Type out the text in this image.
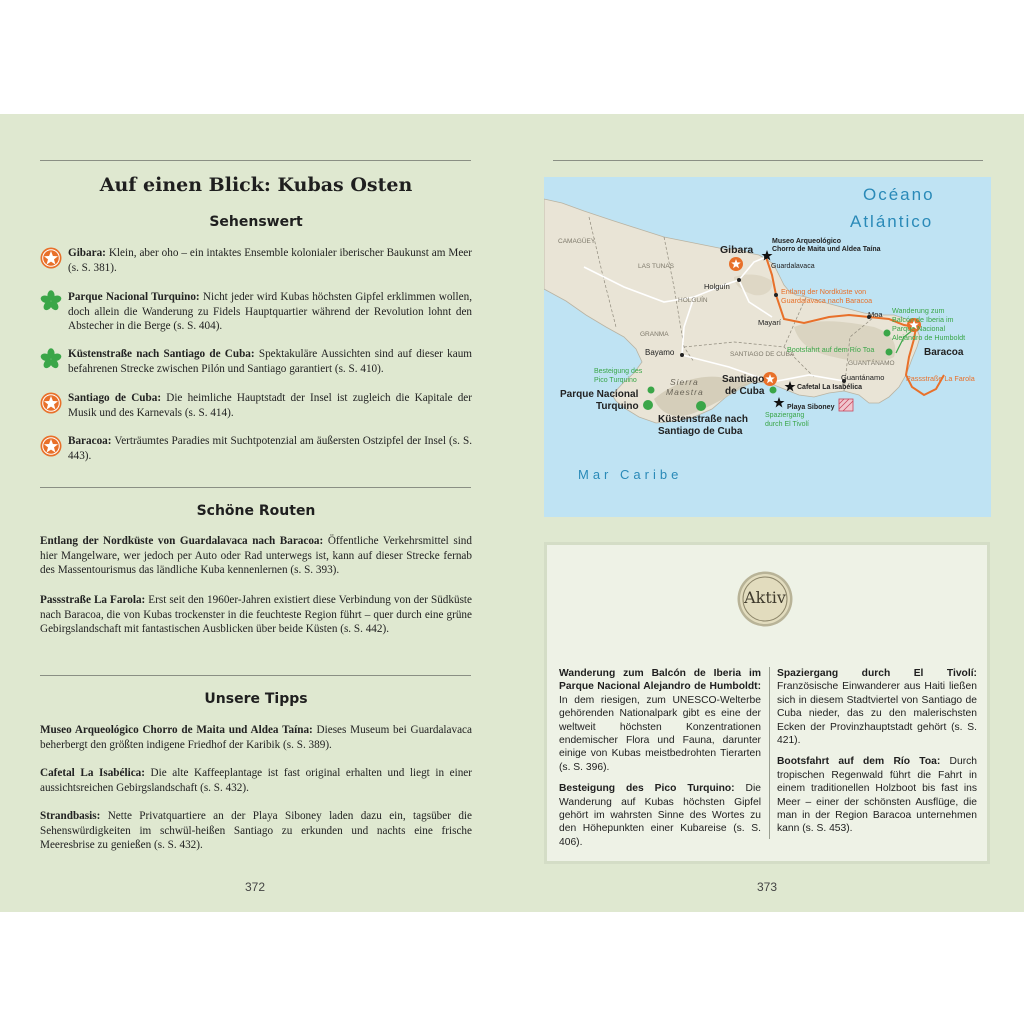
Auf einen Blick: Kubas Osten
Sehenswert

Gibara: Klein, aber oho – ein intaktes Ensemble kolonialer iberischer Baukunst am Meer (s. S. 381).

Parque Nacional Turquino: Nicht jeder wird Kubas höchsten Gipfel erklimmen wollen, doch allein die Wanderung zu Fidels Hauptquartier während der Revolution lohnt den Abstecher in die Berge (s. S. 404).

Küstenstraße nach Santiago de Cuba: Spektakuläre Aussichten sind auf dieser kaum befahrenen Strecke zwischen Pilón und Santiago garantiert (s. S. 410).

Santiago de Cuba: Die heimliche Hauptstadt der Insel ist zugleich die Kapitale der Musik und des Karnevals (s. S. 414).

Baracoa: Verträumtes Paradies mit Suchtpotenzial am äußersten Ostzipfel der Insel (s. S. 443).

Schöne Routen

Entlang der Nordküste von Guardalavaca nach Baracoa: Öffentliche Verkehrsmittel sind hier Mangelware, wer jedoch per Auto oder Rad unterwegs ist, kann auf dieser Strecke fernab des Massentourismus das ländliche Kuba kennenlernen (s. S. 393).

Passstraße La Farola: Erst seit den 1960er-Jahren existiert diese Verbindung von der Südküste nach Baracoa, die von Kubas trockenster in die feuchteste Region führt – quer durch eine grüne Gebirgslandschaft mit fantastischen Ausblicken über beide Küsten (s. S. 442).

Unsere Tipps

Museo Arqueológico Chorro de Maita und Aldea Taína: Dieses Museum bei Guardalavaca beherbergt den größten indigene Friedhof der Karibik (s. S. 389).

Cafetal La Isabélica: Die alte Kaffeeplantage ist fast original erhalten und liegt in einer aussichtsreichen Gebirgslandschaft (s. S. 432).

Strandbasis: Nette Privatquartiere an der Playa Siboney laden dazu ein, tagsüber die Sehenswürdigkeiten im schwül-heißen Santiago zu erkunden und nachts eine frische Meeresbrise zu genießen (s. S. 432).

372
Océano
Atlántico
Mar Caribe
CAMAGÜEY
LAS TUNAS
HOLGUÍN
GRANMA
SANTIAGO DE CUBA
GUANTÁNAMO
Sierra
Maestra
Holguín
Guardalavaca
Mayarí
Moa
Bayamo
Guantánamo
Gibara
Museo Arqueológico
Chorro de Maita und Aldea Taína
Entlang der Nordküste von
Guardalavaca nach Baracoa
Wanderung zum
Balcón de Iberia im
Parque Nacional
Alejandro de Humboldt
Bootsfahrt auf dem Río Toa	Baracoa
Passstraße La Farola
Besteigung des
Pico Turquino
Parque Nacional
Turquino
Santiago
de Cuba	Cafetal La Isabélica
Playa Siboney
Spaziergang
durch El Tivolí
Küstenstraße nach
Santiago de Cuba
Aktiv

Wanderung zum Balcón de Iberia im Parque Nacional Alejandro de Humboldt: In dem riesigen, zum UNESCO-Welterbe gehörenden Nationalpark gibt es eine der weltweit höchsten Konzentrationen endemischer Flora und Fauna, darunter einige von Kubas meistbedrohten Tierarten (s. S. 396).

Besteigung des Pico Turquino: Die Wanderung auf Kubas höchsten Gipfel gehört im wahrsten Sinne des Wortes zu den Höhepunkten einer Kubareise (s. S. 406).

Spaziergang durch El Tivolí: Französische Einwanderer aus Haiti ließen sich in diesem Stadtviertel von Santiago de Cuba nieder, das zu den malerischsten Ecken der Provinzhauptstadt gehört (s. S. 421).

Bootsfahrt auf dem Río Toa: Durch tropischen Regenwald führt die Fahrt in einem traditionellen Holzboot bis fast ins Meer – einer der schönsten Ausflüge, die man in der Region Baracoa unternehmen kann (s. S. 453).

373
